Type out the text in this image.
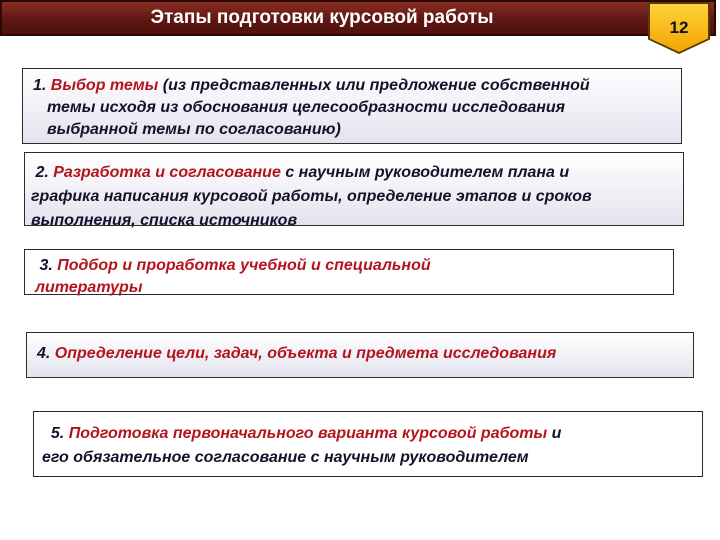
Этапы подготовки курсовой работы	12
1. Выбор темы (из представленных или предложение собственной
темы исходя из обоснования целесообразности исследования
выбранной темы по согласованию)
2. Разработка и согласование с научным руководителем плана и
графика написания курсовой работы, определение этапов и сроков
выполнения, списка источников
3. Подбор и проработка учебной и специальной
литературы
4. Определение цели, задач, объекта и предмета исследования
5. Подготовка первоначального варианта курсовой работы и
его обязательное согласование с научным руководителем
